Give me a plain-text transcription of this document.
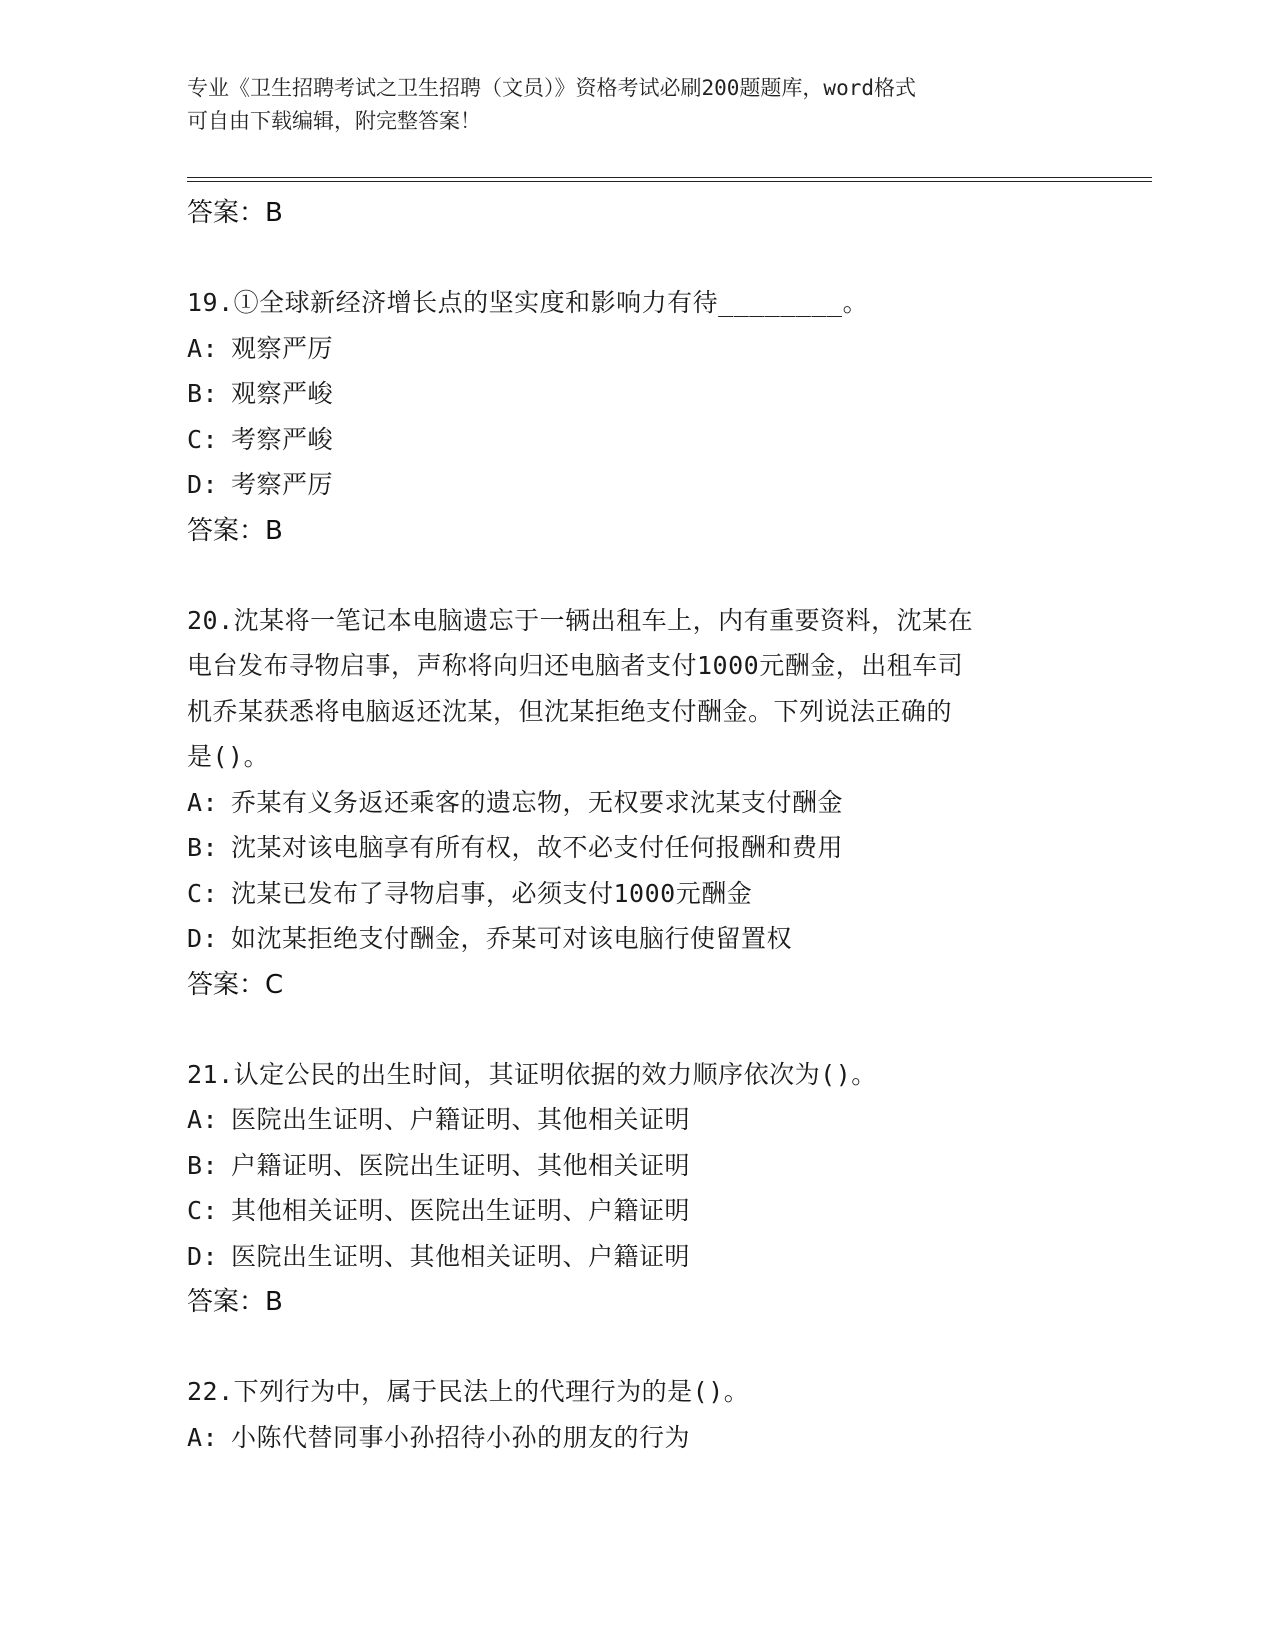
专业《卫生招聘考试之卫生招聘（文员）》资格考试必刷200题题库，word格式
可自由下载编辑，附完整答案！
答案：B
19.①全球新经济增长点的坚实度和影响力有待________。
A: 观察严厉
B: 观察严峻
C: 考察严峻
D: 考察严厉
答案：B
20.沈某将一笔记本电脑遗忘于一辆出租车上，内有重要资料，沈某在
电台发布寻物启事，声称将向归还电脑者支付1000元酬金，出租车司
机乔某获悉将电脑返还沈某，但沈某拒绝支付酬金。下列说法正确的
是()。
A: 乔某有义务返还乘客的遗忘物，无权要求沈某支付酬金
B: 沈某对该电脑享有所有权，故不必支付任何报酬和费用
C: 沈某已发布了寻物启事，必须支付1000元酬金
D: 如沈某拒绝支付酬金，乔某可对该电脑行使留置权
答案：C
21.认定公民的出生时间，其证明依据的效力顺序依次为()。
A: 医院出生证明、户籍证明、其他相关证明
B: 户籍证明、医院出生证明、其他相关证明
C: 其他相关证明、医院出生证明、户籍证明
D: 医院出生证明、其他相关证明、户籍证明
答案：B
22.下列行为中，属于民法上的代理行为的是()。
A: 小陈代替同事小孙招待小孙的朋友的行为
